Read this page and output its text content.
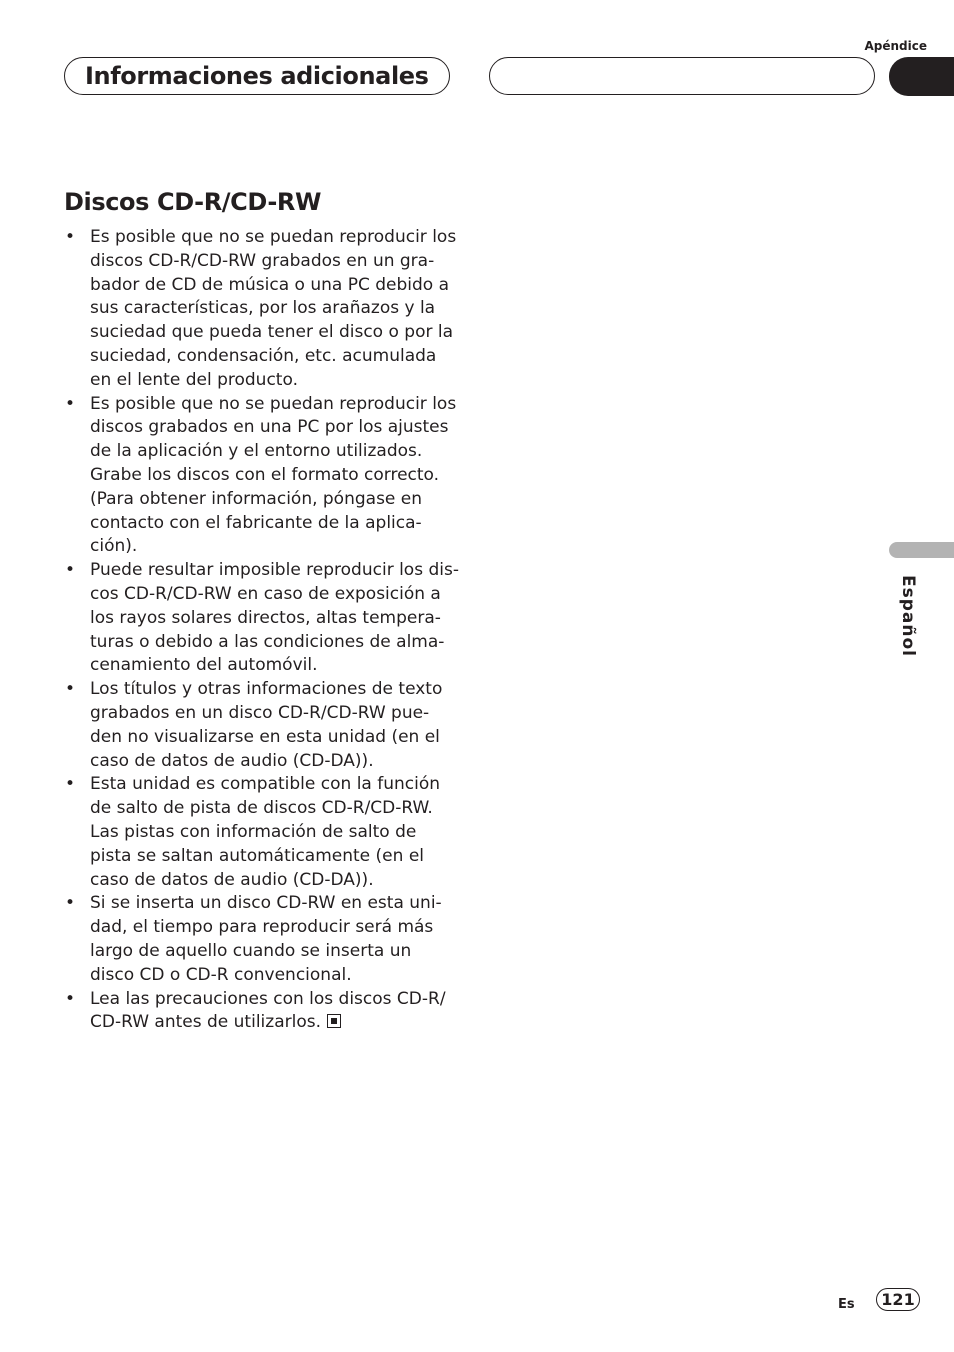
Apéndice
Informaciones adicionales
Discos CD-R/CD-RW
• Es posible que no se puedan reproducir los
discos CD-R/CD-RW grabados en un gra-
bador de CD de música o una PC debido a
sus características, por los arañazos y la
suciedad que pueda tener el disco o por la
suciedad, condensación, etc. acumulada
en el lente del producto.
• Es posible que no se puedan reproducir los
discos grabados en una PC por los ajustes
de la aplicación y el entorno utilizados.
Grabe los discos con el formato correcto.
(Para obtener información, póngase en
contacto con el fabricante de la aplica-
ción).
• Puede resultar imposible reproducir los dis-
cos CD-R/CD-RW en caso de exposición a
los rayos solares directos, altas tempera-
turas o debido a las condiciones de alma-
cenamiento del automóvil.
• Los títulos y otras informaciones de texto
grabados en un disco CD-R/CD-RW pue-
den no visualizarse en esta unidad (en el
caso de datos de audio (CD-DA)).
• Esta unidad es compatible con la función
de salto de pista de discos CD-R/CD-RW.
Las pistas con información de salto de
pista se saltan automáticamente (en el
caso de datos de audio (CD-DA)).
• Si se inserta un disco CD-RW en esta uni-
dad, el tiempo para reproducir será más
largo de aquello cuando se inserta un
disco CD o CD-R convencional.
• Lea las precauciones con los discos CD-R/
CD-RW antes de utilizarlos.
Español
Es	121
